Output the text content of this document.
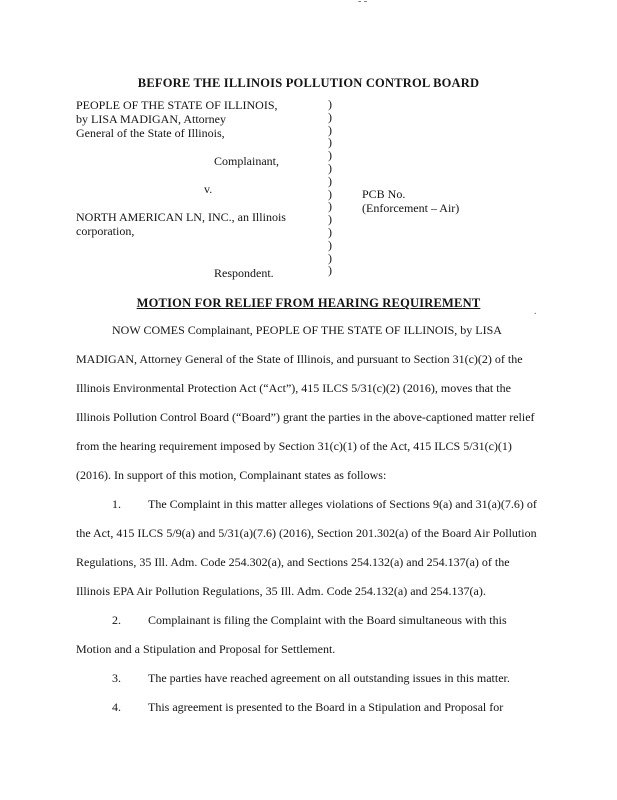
- -
BEFORE THE ILLINOIS POLLUTION CONTROL BOARD
PEOPLE OF THE STATE OF ILLINOIS,
by LISA MADIGAN, Attorney
General of the State of Illinois,
Complainant,
v.
NORTH AMERICAN LN, INC., an Illinois
corporation,
Respondent.
)
)
)
)
)
)
)
)
)
)
)
)
)
)
PCB No.
(Enforcement – Air)
MOTION FOR RELIEF FROM HEARING REQUIREMENT
.
NOW COMES Complainant, PEOPLE OF THE STATE OF ILLINOIS, by LISA
MADIGAN, Attorney General of the State of Illinois, and pursuant to Section 31(c)(2) of the
Illinois Environmental Protection Act (“Act”), 415 ILCS 5/31(c)(2) (2016), moves that the
Illinois Pollution Control Board (“Board”) grant the parties in the above-captioned matter relief
from the hearing requirement imposed by Section 31(c)(1) of the Act, 415 ILCS 5/31(c)(1)
(2016). In support of this motion, Complainant states as follows:
1. The Complaint in this matter alleges violations of Sections 9(a) and 31(a)(7.6) of
the Act, 415 ILCS 5/9(a) and 5/31(a)(7.6) (2016), Section 201.302(a) of the Board Air Pollution
Regulations, 35 Ill. Adm. Code 254.302(a), and Sections 254.132(a) and 254.137(a) of the
Illinois EPA Air Pollution Regulations, 35 Ill. Adm. Code 254.132(a) and 254.137(a).
2. Complainant is filing the Complaint with the Board simultaneous with this
Motion and a Stipulation and Proposal for Settlement.
3. The parties have reached agreement on all outstanding issues in this matter.
4. This agreement is presented to the Board in a Stipulation and Proposal for
